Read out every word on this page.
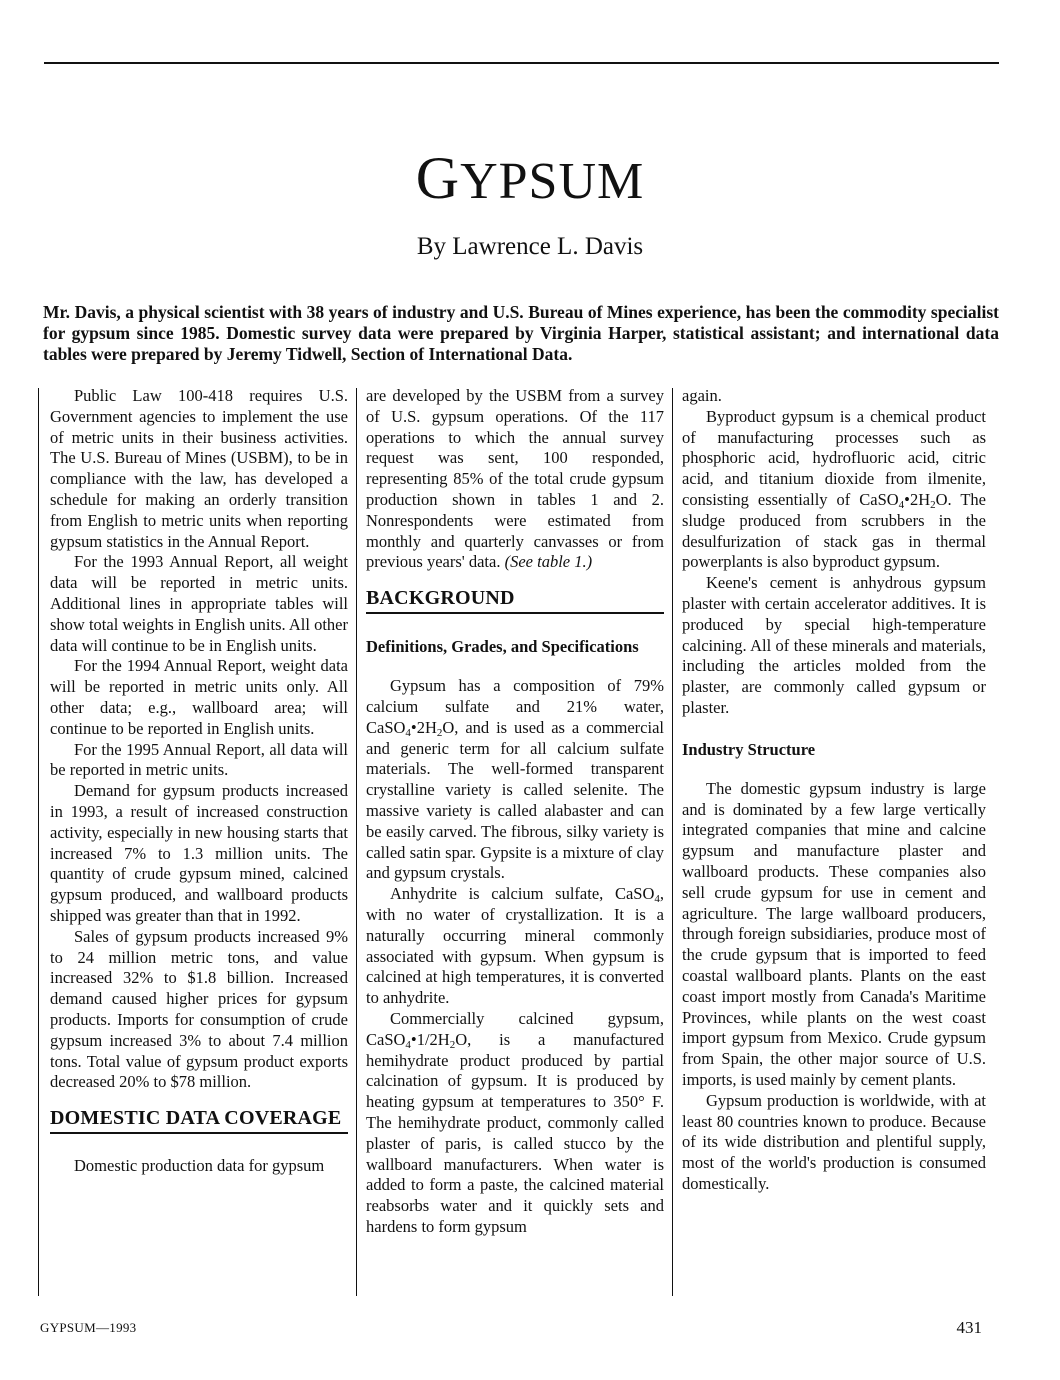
GYPSUM
By Lawrence L. Davis
Mr. Davis, a physical scientist with 38 years of industry and U.S. Bureau of Mines experience, has been the commodity specialist for gypsum since 1985. Domestic survey data were prepared by Virginia Harper, statistical assistant; and international data tables were prepared by Jeremy Tidwell, Section of International Data.

Public Law 100-418 requires U.S. Government agencies to implement the use of metric units in their business activities. The U.S. Bureau of Mines (USBM), to be in compliance with the law, has developed a schedule for making an orderly transition from English to metric units when reporting gypsum statistics in the Annual Report.

For the 1993 Annual Report, all weight data will be reported in metric units. Additional lines in appropriate tables will show total weights in English units. All other data will continue to be in English units.

For the 1994 Annual Report, weight data will be reported in metric units only. All other data; e.g., wallboard area; will continue to be reported in English units.

For the 1995 Annual Report, all data will be reported in metric units.

Demand for gypsum products increased in 1993, a result of increased construction activity, especially in new housing starts that increased 7% to 1.3 million units. The quantity of crude gypsum mined, calcined gypsum produced, and wallboard products shipped was greater than that in 1992.

Sales of gypsum products increased 9% to 24 million metric tons, and value increased 32% to $1.8 billion. Increased demand caused higher prices for gypsum products. Imports for consumption of crude gypsum increased 3% to about 7.4 million tons. Total value of gypsum product exports decreased 20% to $78 million.

DOMESTIC DATA COVERAGE

Domestic production data for gypsum

are developed by the USBM from a survey of U.S. gypsum operations. Of the 117 operations to which the annual survey request was sent, 100 responded, representing 85% of the total crude gypsum production shown in tables 1 and 2. Nonrespondents were estimated from monthly and quarterly canvasses or from previous years' data. (See table 1.)

BACKGROUND
Definitions, Grades, and Specifications

Gypsum has a composition of 79% calcium sulfate and 21% water, $CaSO_4•2H_2O$, and is used as a commercial and generic term for all calcium sulfate materials. The well-formed transparent crystalline variety is called selenite. The massive variety is called alabaster and can be easily carved. The fibrous, silky variety is called satin spar. Gypsite is a mixture of clay and gypsum crystals.

Anhydrite is calcium sulfate, CaSO$_4$, with no water of crystallization. It is a naturally occurring mineral commonly associated with gypsum. When gypsum is calcined at high temperatures, it is converted to anhydrite.

Commercially calcined gypsum, $CaSO_4•1/2H_2O$, is a manufactured hemihydrate product produced by partial calcination of gypsum. It is produced by heating gypsum at temperatures to 350° F. The hemihydrate product, commonly called plaster of paris, is called stucco by the wallboard manufacturers. When water is added to form a paste, the calcined material reabsorbs water and it quickly sets and hardens to form gypsum

again.

Byproduct gypsum is a chemical product of manufacturing processes such as phosphoric acid, hydrofluoric acid, citric acid, and titanium dioxide from ilmenite, consisting essentially of $CaSO_4•2H_2O$. The sludge produced from scrubbers in the desulfurization of stack gas in thermal powerplants is also byproduct gypsum.

Keene's cement is anhydrous gypsum plaster with certain accelerator additives. It is produced by special high-temperature calcining. All of these minerals and materials, including the articles molded from the plaster, are commonly called gypsum or plaster.

Industry Structure

The domestic gypsum industry is large and is dominated by a few large vertically integrated companies that mine and calcine gypsum and manufacture plaster and wallboard products. These companies also sell crude gypsum for use in cement and agriculture. The large wallboard producers, through foreign subsidiaries, produce most of the crude gypsum that is imported to feed coastal wallboard plants. Plants on the east coast import mostly from Canada's Maritime Provinces, while plants on the west coast import gypsum from Mexico. Crude gypsum from Spain, the other major source of U.S. imports, is used mainly by cement plants.

Gypsum production is worldwide, with at least 80 countries known to produce. Because of its wide distribution and plentiful supply, most of the world's production is consumed domestically.

GYPSUM—1993	431
